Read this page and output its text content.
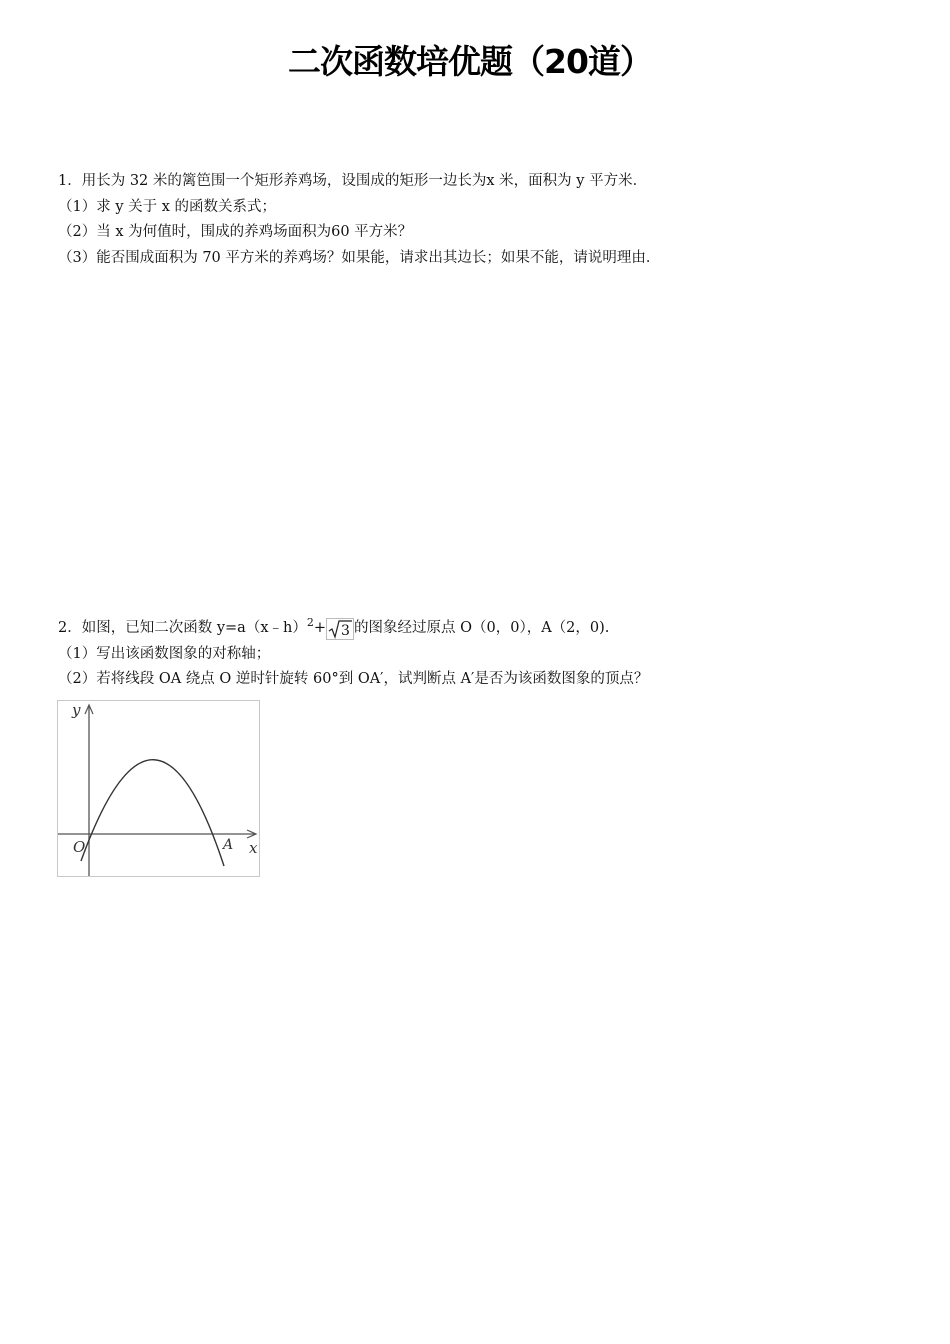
二次函数培优题（20道）
1．用长为 32 米的篱笆围一个矩形养鸡场，设围成的矩形一边长为x 米，面积为 y 平方米．
（1）求 y 关于 x 的函数关系式；
（2）当 x 为何值时，围成的养鸡场面积为60 平方米？
（3）能否围成面积为 70 平方米的养鸡场？如果能，请求出其边长；如果不能，请说明理由．
2．如图，已知二次函数 y=a（x﹣h）$^2$+ 3 的图象经过原点 O（0，0），A（2，0).
（1）写出该函数图象的对称轴；
（2）若将线段 OA 绕点 O 逆时针旋转 60°到 OA′，试判断点 A′是否为该函数图象的顶点？
y
x
O	A
